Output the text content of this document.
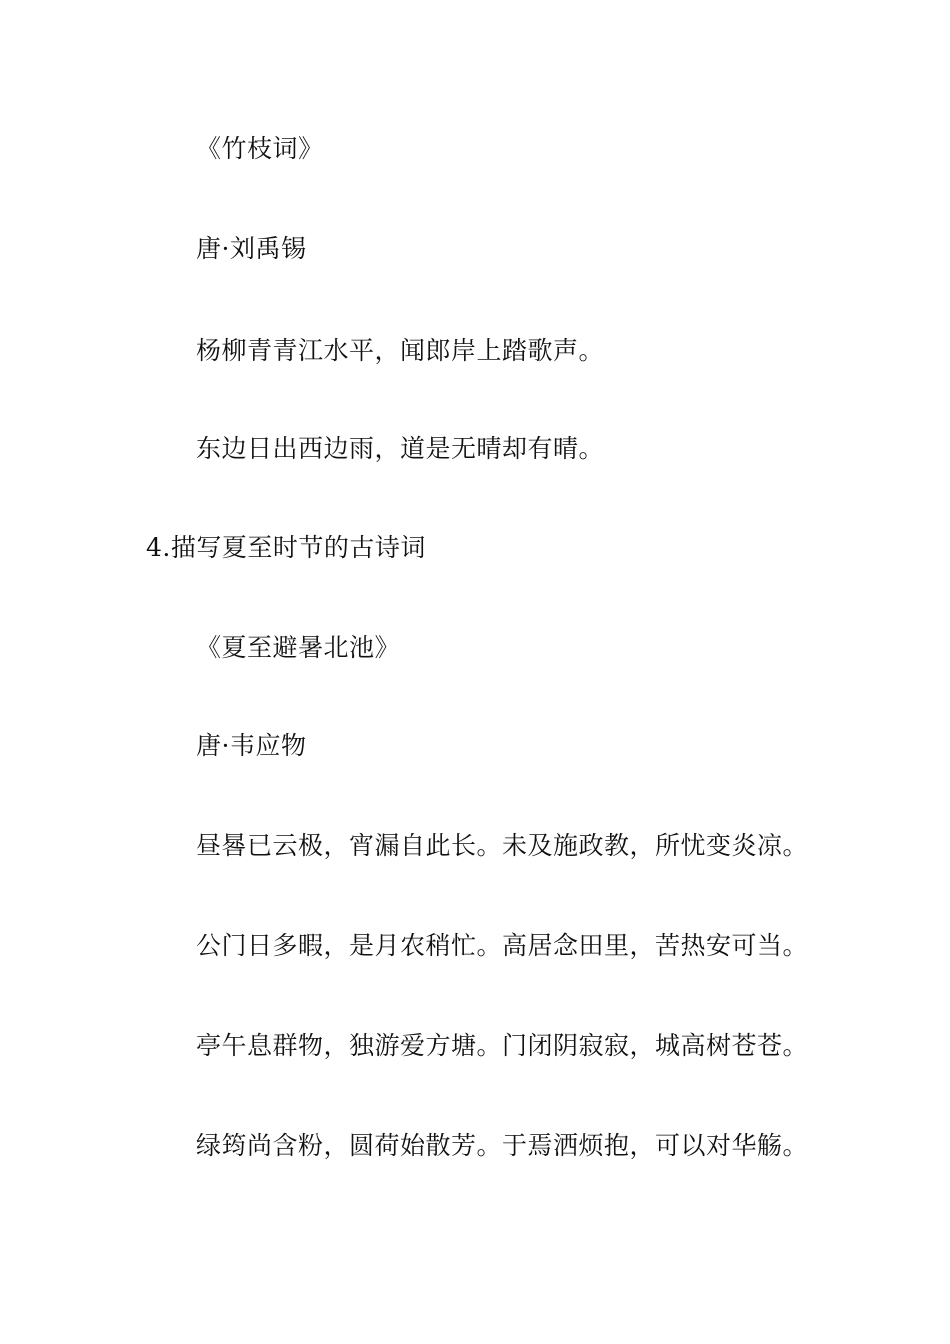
《竹枝词》
唐·刘禹锡
杨柳青青江水平，闻郎岸上踏歌声。
东边日出西边雨，道是无晴却有晴。
4.描写夏至时节的古诗词
《夏至避暑北池》
唐·韦应物
昼晷已云极，宵漏自此长。未及施政教，所忧变炎凉。
公门日多暇，是月农稍忙。高居念田里，苦热安可当。
亭午息群物，独游爱方塘。门闭阴寂寂，城高树苍苍。
绿筠尚含粉，圆荷始散芳。于焉洒烦抱，可以对华觞。
